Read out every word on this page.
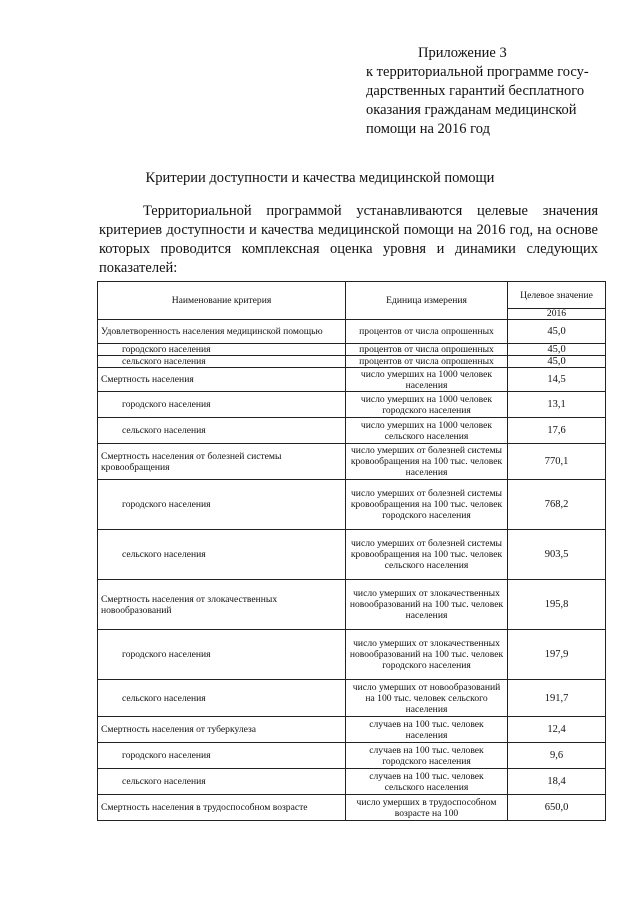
Приложение 3
к территориальной программе госу-
дарственных гарантий бесплатного
оказания гражданам медицинской
помощи на 2016 год
Критерии доступности и качества медицинской помощи
Территориальной программой устанавливаются целевые значения критериев доступности и качества медицинской помощи на 2016 год, на основе которых проводится комплексная оценка уровня и динамики следующих показателей:
Наименование критерия	Единица измерения	Целевое значение
		2016
Удовлетворенность населения медицинской помощью	процентов от числа опрошенных	45,0
городского населения	процентов от числа опрошенных	45,0
сельского населения	процентов от числа опрошенных	45,0
Смертность населения	число умерших на 1000 человек населения	14,5
городского населения	число умерших на 1000 человек городского населения	13,1
сельского населения	число умерших на 1000 человек сельского населения	17,6
Смертность населения от болезней системы кровообращения	число умерших от болезней системы кровообращения на 100 тыс. человек населения	770,1
городского населения	число умерших от болезней системы кровообращения на 100 тыс. человек городского населения	768,2
сельского населения	число умерших от болезней системы кровообращения на 100 тыс. человек сельского населения	903,5
Смертность населения от злокачественных новообразований	число умерших от злокачественных новообразований на 100 тыс. человек населения	195,8
городского населения	число умерших от злокачественных новообразований на 100 тыс. человек городского населения	197,9
сельского населения	число умерших от новообразований на 100 тыс. человек сельского населения	191,7
Смертность населения от туберкулеза	случаев на 100 тыс. человек населения	12,4
городского населения	случаев на 100 тыс. человек городского населения	9,6
сельского населения	случаев на 100 тыс. человек сельского населения	18,4
Смертность населения в трудоспособном возрасте	число умерших в трудоспособном возрасте на 100	650,0
